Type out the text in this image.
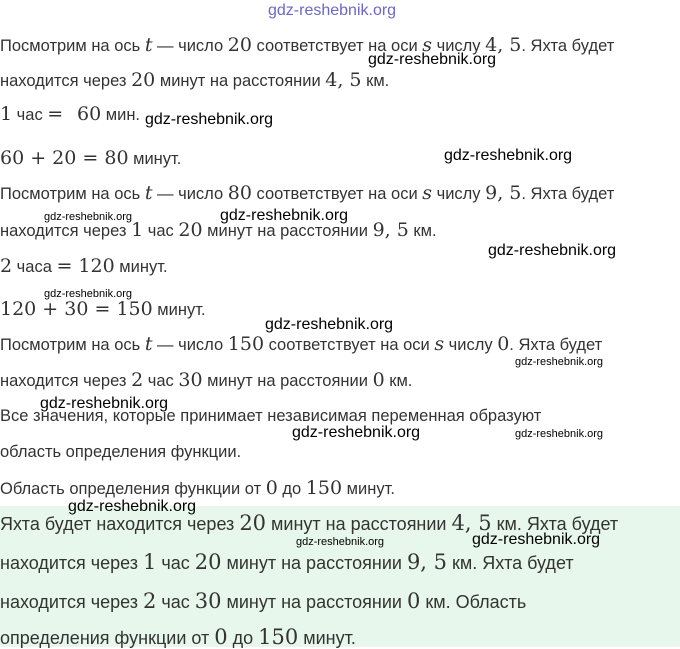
Посмотрим на ось t — число 20 соответствует на оси s числу 4, 5. Яхта будет
находится через 20 минут на расстоянии 4, 5 км.
1 час = 60 мин.
60 + 20 = 80 минут.
Посмотрим на ось t — число 80 соответствует на оси s числу 9, 5. Яхта будет
находится через 1 час 20 минут на расстоянии 9, 5 км.
2 часа = 120 минут.
120 + 30 = 150 минут.
Посмотрим на ось t — число 150 соответствует на оси s числу 0. Яхта будет
находится через 2 час 30 минут на расстоянии 0 км.
Все значения, которые принимает независимая переменная образуют
область определения функции.
Область определения функции от 0 до 150 минут.
Яхта будет находится через 20 минут на расстоянии 4, 5 км. Яхта будет
находится через 1 час 20 минут на расстоянии 9, 5 км. Яхта будет
находится через 2 час 30 минут на расстоянии 0 км. Область
определения функции от 0 до 150 минут.
gdz-reshebnik.org
gdz-reshebnik.org
gdz-reshebnik.org
gdz-reshebnik.org
gdz-reshebnik.org	gdz-reshebnik.org
gdz-reshebnik.org
gdz-reshebnik.org
gdz-reshebnik.org
gdz-reshebnik.org
gdz-reshebnik.org
gdz-reshebnik.org	gdz-reshebnik.org
gdz-reshebnik.org
gdz-reshebnik.org	gdz-reshebnik.org
